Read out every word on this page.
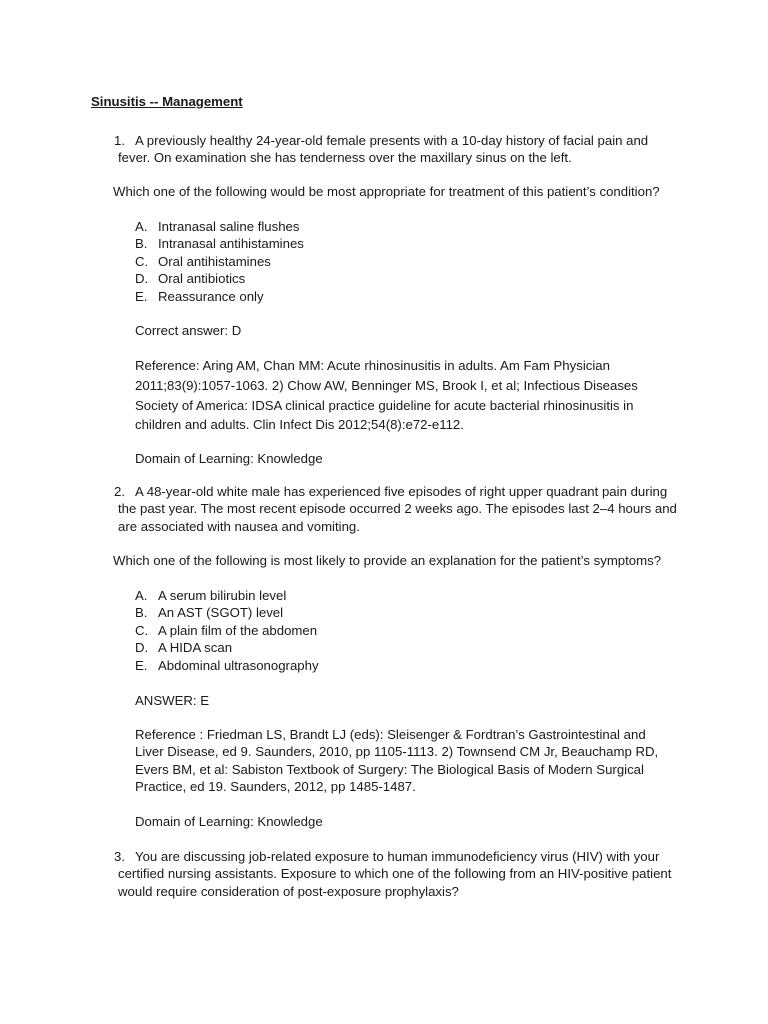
Sinusitis -- Management
1. A previously healthy 24-year-old female presents with a 10-day history of facial pain and fever. On examination she has tenderness over the maxillary sinus on the left.

Which one of the following would be most appropriate for treatment of this patient’s condition?

A. Intranasal saline flushes
B. Intranasal antihistamines
C. Oral antihistamines
D. Oral antibiotics
E. Reassurance only

Correct answer: D

Reference: Aring AM, Chan MM: Acute rhinosinusitis in adults. Am Fam Physician 2011;83(9):1057-1063. 2) Chow AW, Benninger MS, Brook I, et al; Infectious Diseases Society of America: IDSA clinical practice guideline for acute bacterial rhinosinusitis in children and adults. Clin Infect Dis 2012;54(8):e72-e112.

Domain of Learning: Knowledge

2. A 48-year-old white male has experienced five episodes of right upper quadrant pain during the past year. The most recent episode occurred 2 weeks ago. The episodes last 2–4 hours and are associated with nausea and vomiting.

Which one of the following is most likely to provide an explanation for the patient’s symptoms?

A. A serum bilirubin level
B. An AST (SGOT) level
C. A plain film of the abdomen
D. A HIDA scan
E. Abdominal ultrasonography

ANSWER: E

Reference : Friedman LS, Brandt LJ (eds): Sleisenger & Fordtran’s Gastrointestinal and Liver Disease, ed 9. Saunders, 2010, pp 1105-1113. 2) Townsend CM Jr, Beauchamp RD, Evers BM, et al: Sabiston Textbook of Surgery: The Biological Basis of Modern Surgical Practice, ed 19. Saunders, 2012, pp 1485-1487.

Domain of Learning: Knowledge

3. You are discussing job-related exposure to human immunodeficiency virus (HIV) with your certified nursing assistants. Exposure to which one of the following from an HIV-positive patient would require consideration of post-exposure prophylaxis?
